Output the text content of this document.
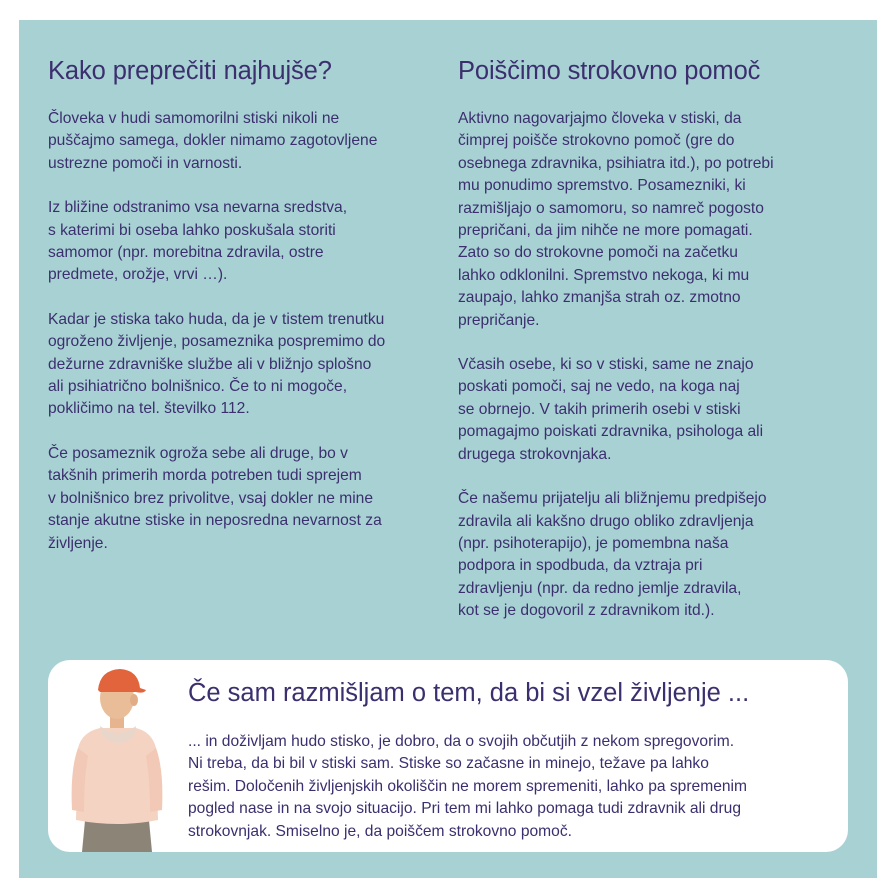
Kako preprečiti najhujše?

Človeka v hudi samomorilni stiski nikoli ne
puščajmo samega, dokler nimamo zagotovljene
ustrezne pomoči in varnosti.

Iz bližine odstranimo vsa nevarna sredstva,
s katerimi bi oseba lahko poskušala storiti
samomor (npr. morebitna zdravila, ostre
predmete, orožje, vrvi …).

Kadar je stiska tako huda, da je v tistem trenutku
ogroženo življenje, posameznika pospremimo do
dežurne zdravniške službe ali v bližnjo splošno
ali psihiatrično bolnišnico. Če to ni mogoče,
pokličimo na tel. številko 112.

Če posameznik ogroža sebe ali druge, bo v
takšnih primerih morda potreben tudi sprejem
v bolnišnico brez privolitve, vsaj dokler ne mine
stanje akutne stiske in neposredna nevarnost za
življenje.

Poiščimo strokovno pomoč

Aktivno nagovarjajmo človeka v stiski, da
čimprej poišče strokovno pomoč (gre do
osebnega zdravnika, psihiatra itd.), po potrebi
mu ponudimo spremstvo. Posamezniki, ki
razmišljajo o samomoru, so namreč pogosto
prepričani, da jim nihče ne more pomagati.
Zato so do strokovne pomoči na začetku
lahko odklonilni. Spremstvo nekoga, ki mu
zaupajo, lahko zmanjša strah oz. zmotno
prepričanje.

Včasih osebe, ki so v stiski, same ne znajo
poskati pomoči, saj ne vedo, na koga naj
se obrnejo. V takih primerih osebi v stiski
pomagajmo poiskati zdravnika, psihologa ali
drugega strokovnjaka.

Če našemu prijatelju ali bližnjemu predpišejo
zdravila ali kakšno drugo obliko zdravljenja
(npr. psihoterapijo), je pomembna naša
podpora in spodbuda, da vztraja pri
zdravljenju (npr. da redno jemlje zdravila,
kot se je dogovoril z zdravnikom itd.).

Če sam razmišljam o tem, da bi si vzel življenje ...

... in doživljam hudo stisko, je dobro, da o svojih občutjih z nekom spregovorim.
Ni treba, da bi bil v stiski sam. Stiske so začasne in minejo, težave pa lahko
rešim. Določenih življenjskih okoliščin ne morem spremeniti, lahko pa spremenim
pogled nase in na svojo situacijo. Pri tem mi lahko pomaga tudi zdravnik ali drug
strokovnjak. Smiselno je, da poiščem strokovno pomoč.
